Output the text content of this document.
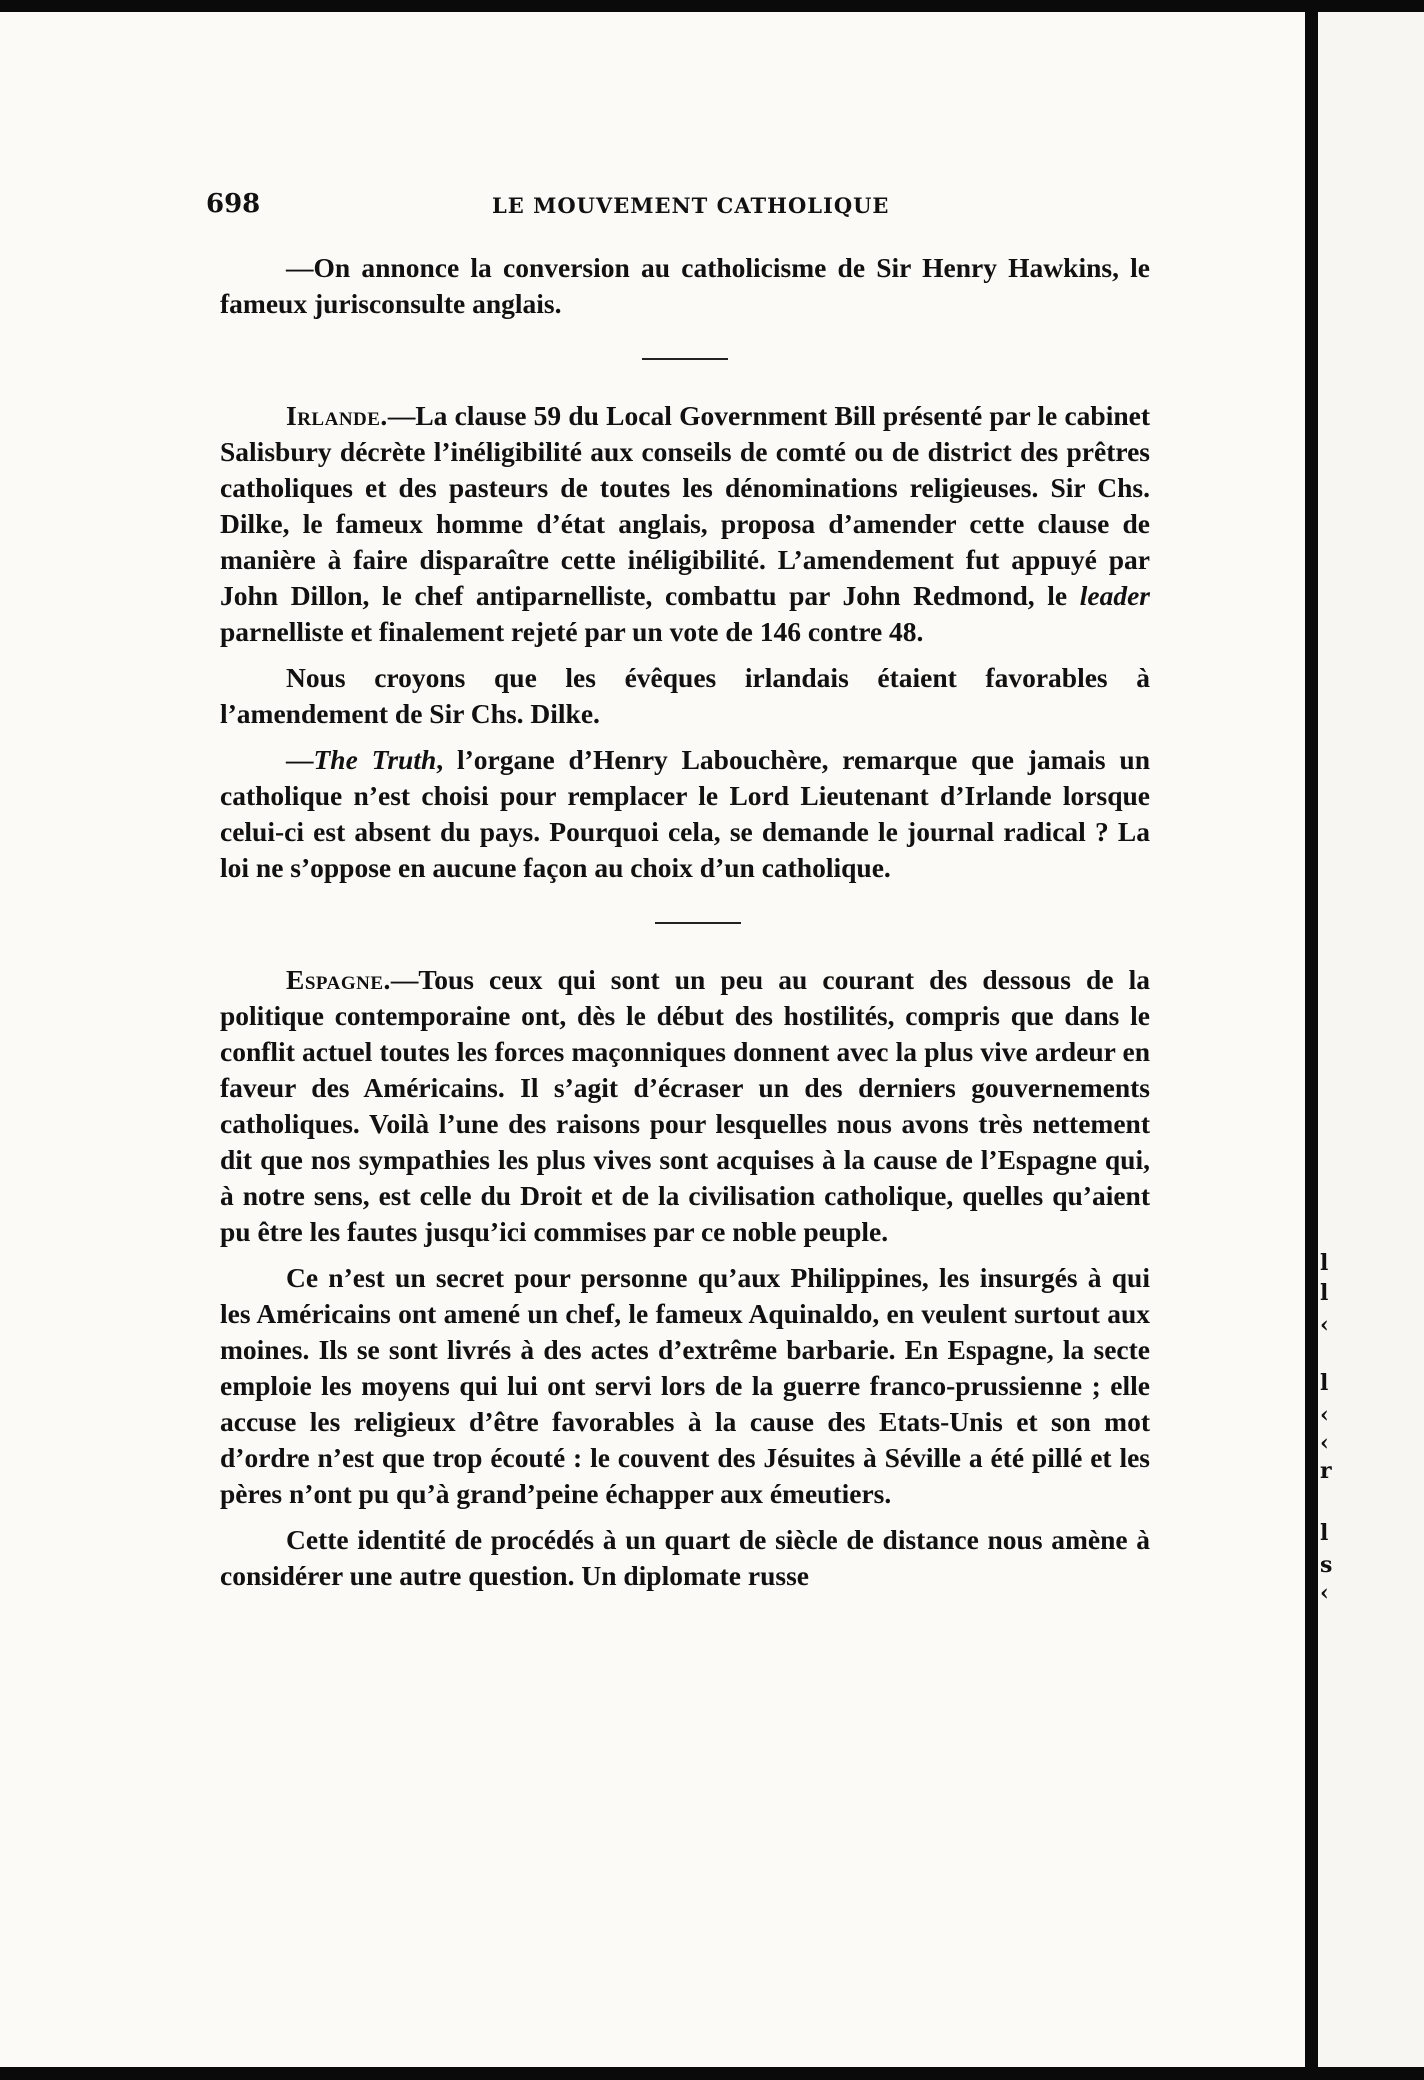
698	LE MOUVEMENT CATHOLIQUE

—On annonce la conversion au catholicisme de Sir Henry Hawkins, le fameux jurisconsulte anglais.

Irlande.—La clause 59 du Local Government Bill présenté par le cabinet Salisbury décrète l’inéligibilité aux conseils de comté ou de district des prêtres catholiques et des pasteurs de toutes les dénominations religieuses. Sir Chs. Dilke, le fameux homme d’état anglais, proposa d’amender cette clause de manière à faire disparaître cette inéligibilité. L’amendement fut appuyé par John Dillon, le chef antiparnelliste, combattu par John Redmond, le leader parnelliste et finalement rejeté par un vote de 146 contre 48.

Nous croyons que les évêques irlandais étaient favorables à l’amendement de Sir Chs. Dilke.

—The Truth, l’organe d’Henry Labouchère, remarque que jamais un catholique n’est choisi pour remplacer le Lord Lieutenant d’Irlande lorsque celui-ci est absent du pays. Pourquoi cela, se demande le journal radical ? La loi ne s’oppose en aucune façon au choix d’un catholique.

Espagne.—Tous ceux qui sont un peu au courant des dessous de la politique contemporaine ont, dès le début des hostilités, compris que dans le conflit actuel toutes les forces maçonniques donnent avec la plus vive ardeur en faveur des Américains. Il s’agit d’écraser un des derniers gouvernements catholiques. Voilà l’une des raisons pour lesquelles nous avons très nettement dit que nos sympathies les plus vives sont acquises à la cause de l’Espagne qui, à notre sens, est celle du Droit et de la civilisation catholique, quelles qu’aient pu être les fautes jusqu’ici commises par ce noble peuple.

Ce n’est un secret pour personne qu’aux Philippines, les insurgés à qui les Américains ont amené un chef, le fameux Aquinaldo, en veulent surtout aux moines. Ils se sont livrés à des actes d’extrême barbarie. En Espagne, la secte emploie les moyens qui lui ont servi lors de la guerre franco-prussienne ; elle accuse les religieux d’être favorables à la cause des Etats-Unis et son mot d’ordre n’est que trop écouté : le couvent des Jésuites à Séville a été pillé et les pères n’ont pu qu’à grand’peine échapper aux émeutiers.

Cette identité de procédés à un quart de siècle de distance nous amène à considérer une autre question. Un diplomate russe

l
l
‹
l
‹
‹
r
l
s
‹
